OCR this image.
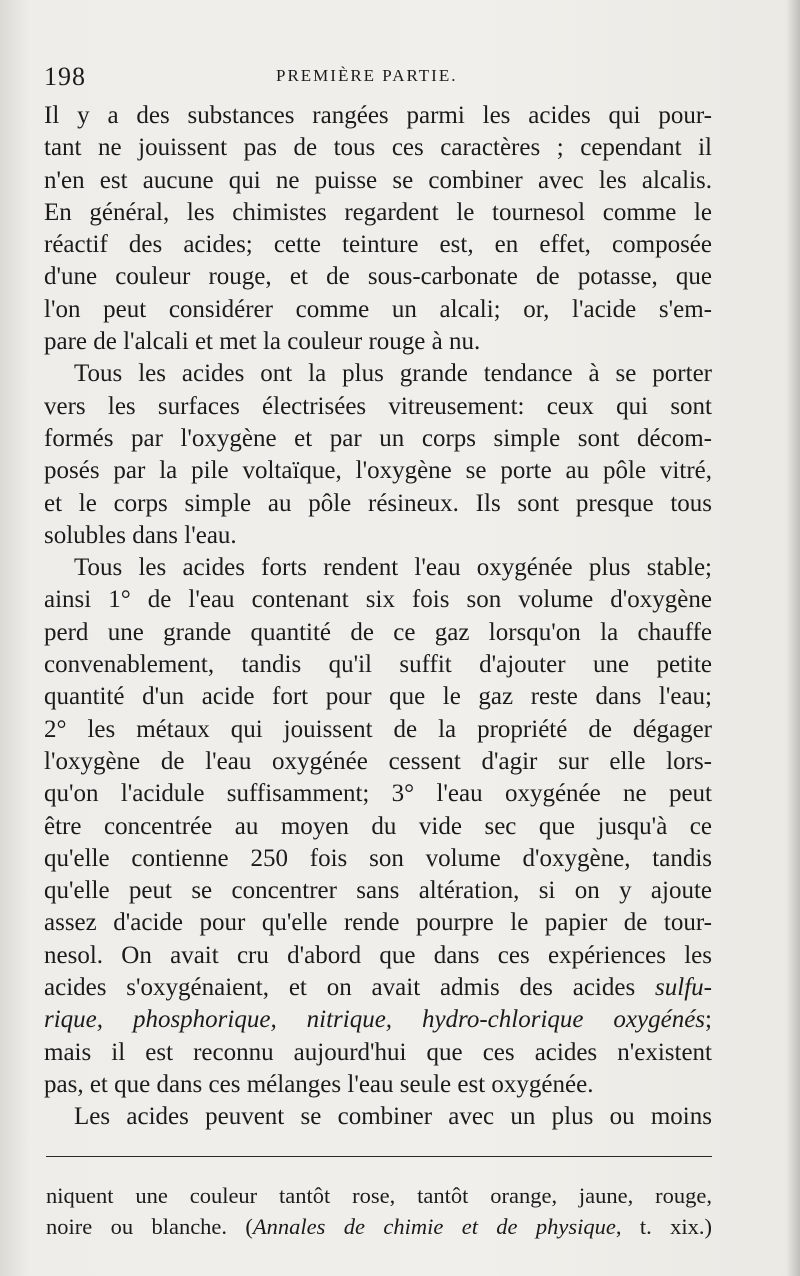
198	PREMIÈRE PARTIE.
Il y a des substances rangées parmi les acides qui pour-
tant ne jouissent pas de tous ces caractères ; cependant il
n'en est aucune qui ne puisse se combiner avec les alcalis.
En général, les chimistes regardent le tournesol comme le
réactif des acides; cette teinture est, en effet, composée
d'une couleur rouge, et de sous-carbonate de potasse, que
l'on peut considérer comme un alcali; or, l'acide s'em-
pare de l'alcali et met la couleur rouge à nu.
Tous les acides ont la plus grande tendance à se porter
vers les surfaces électrisées vitreusement: ceux qui sont
formés par l'oxygène et par un corps simple sont décom-
posés par la pile voltaïque, l'oxygène se porte au pôle vitré,
et le corps simple au pôle résineux. Ils sont presque tous
solubles dans l'eau.
Tous les acides forts rendent l'eau oxygénée plus stable;
ainsi 1° de l'eau contenant six fois son volume d'oxygène
perd une grande quantité de ce gaz lorsqu'on la chauffe
convenablement, tandis qu'il suffit d'ajouter une petite
quantité d'un acide fort pour que le gaz reste dans l'eau;
2° les métaux qui jouissent de la propriété de dégager
l'oxygène de l'eau oxygénée cessent d'agir sur elle lors-
qu'on l'acidule suffisamment; 3° l'eau oxygénée ne peut
être concentrée au moyen du vide sec que jusqu'à ce
qu'elle contienne 250 fois son volume d'oxygène, tandis
qu'elle peut se concentrer sans altération, si on y ajoute
assez d'acide pour qu'elle rende pourpre le papier de tour-
nesol. On avait cru d'abord que dans ces expériences les
acides s'oxygénaient, et on avait admis des acides sulfu-
rique, phosphorique, nitrique, hydro-chlorique oxygénés;
mais il est reconnu aujourd'hui que ces acides n'existent
pas, et que dans ces mélanges l'eau seule est oxygénée.
Les acides peuvent se combiner avec un plus ou moins
niquent une couleur tantôt rose, tantôt orange, jaune, rouge,
noire ou blanche. (Annales de chimie et de physique, t. xix.)
